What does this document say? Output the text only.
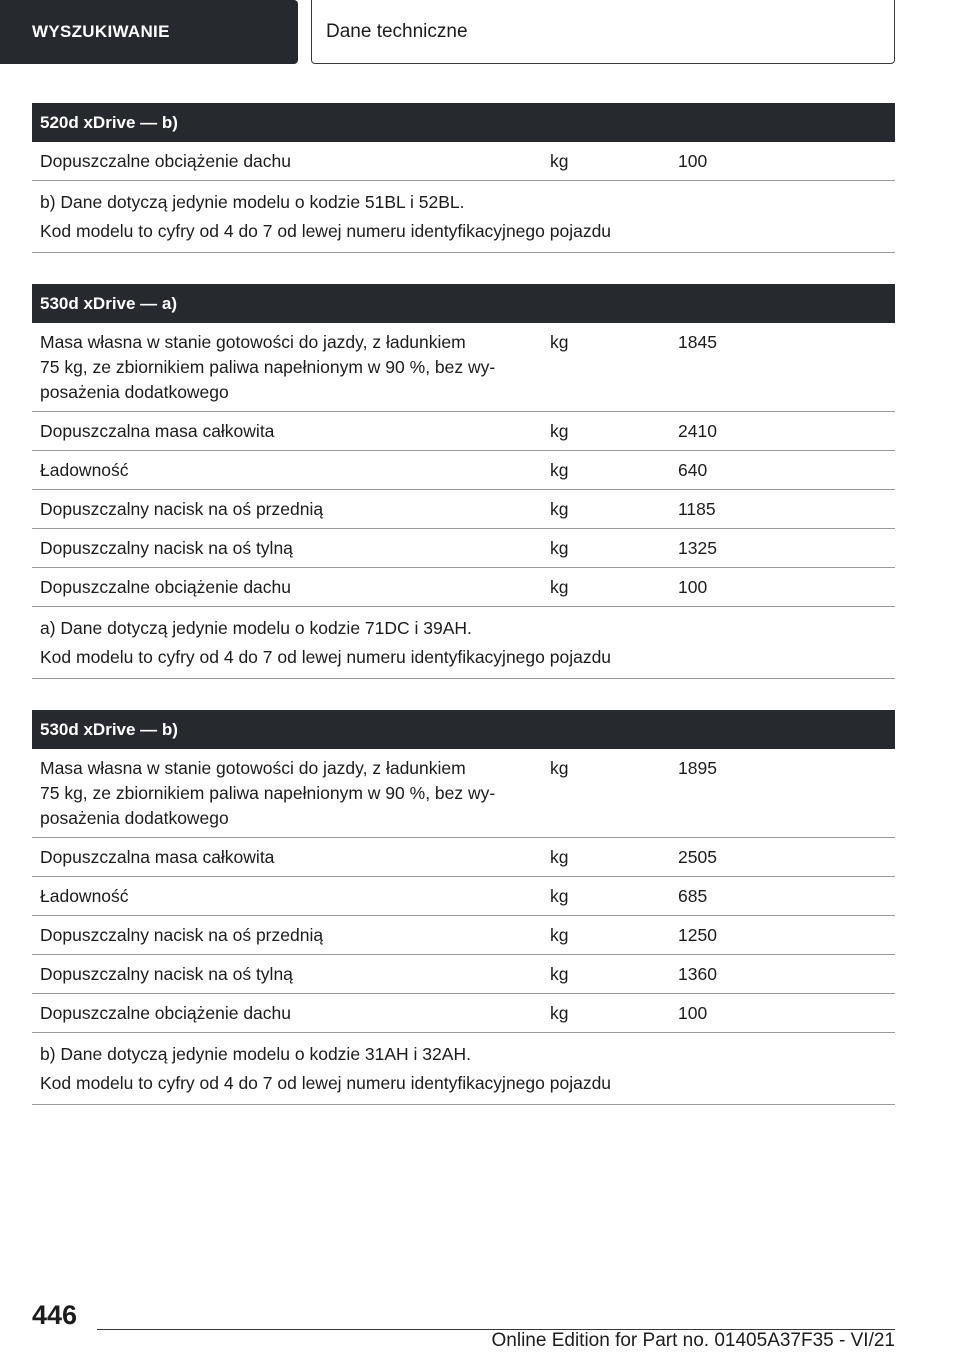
WYSZUKIWANIE	Dane techniczne
520d xDrive — b)
Dopuszczalne obciążenie dachu	kg	100
b) Dane dotyczą jedynie modelu o kodzie 51BL i 52BL.
Kod modelu to cyfry od 4 do 7 od lewej numeru identyfikacyjnego pojazdu
530d xDrive — a)
Masa własna w stanie gotowości do jazdy, z ładunkiem
75 kg, ze zbiornikiem paliwa napełnionym w 90 %, bez wy-
posażenia dodatkowego
kg	1845
Dopuszczalna masa całkowita	kg	2410
Ładowność	kg	640
Dopuszczalny nacisk na oś przednią	kg	1185
Dopuszczalny nacisk na oś tylną	kg	1325
Dopuszczalne obciążenie dachu	kg	100
a) Dane dotyczą jedynie modelu o kodzie 71DC i 39AH.
Kod modelu to cyfry od 4 do 7 od lewej numeru identyfikacyjnego pojazdu
530d xDrive — b)
Masa własna w stanie gotowości do jazdy, z ładunkiem
75 kg, ze zbiornikiem paliwa napełnionym w 90 %, bez wy-
posażenia dodatkowego
kg	1895
Dopuszczalna masa całkowita	kg	2505
Ładowność	kg	685
Dopuszczalny nacisk na oś przednią	kg	1250
Dopuszczalny nacisk na oś tylną	kg	1360
Dopuszczalne obciążenie dachu	kg	100
b) Dane dotyczą jedynie modelu o kodzie 31AH i 32AH.
Kod modelu to cyfry od 4 do 7 od lewej numeru identyfikacyjnego pojazdu
446
Online Edition for Part no. 01405A37F35 - VI/21
